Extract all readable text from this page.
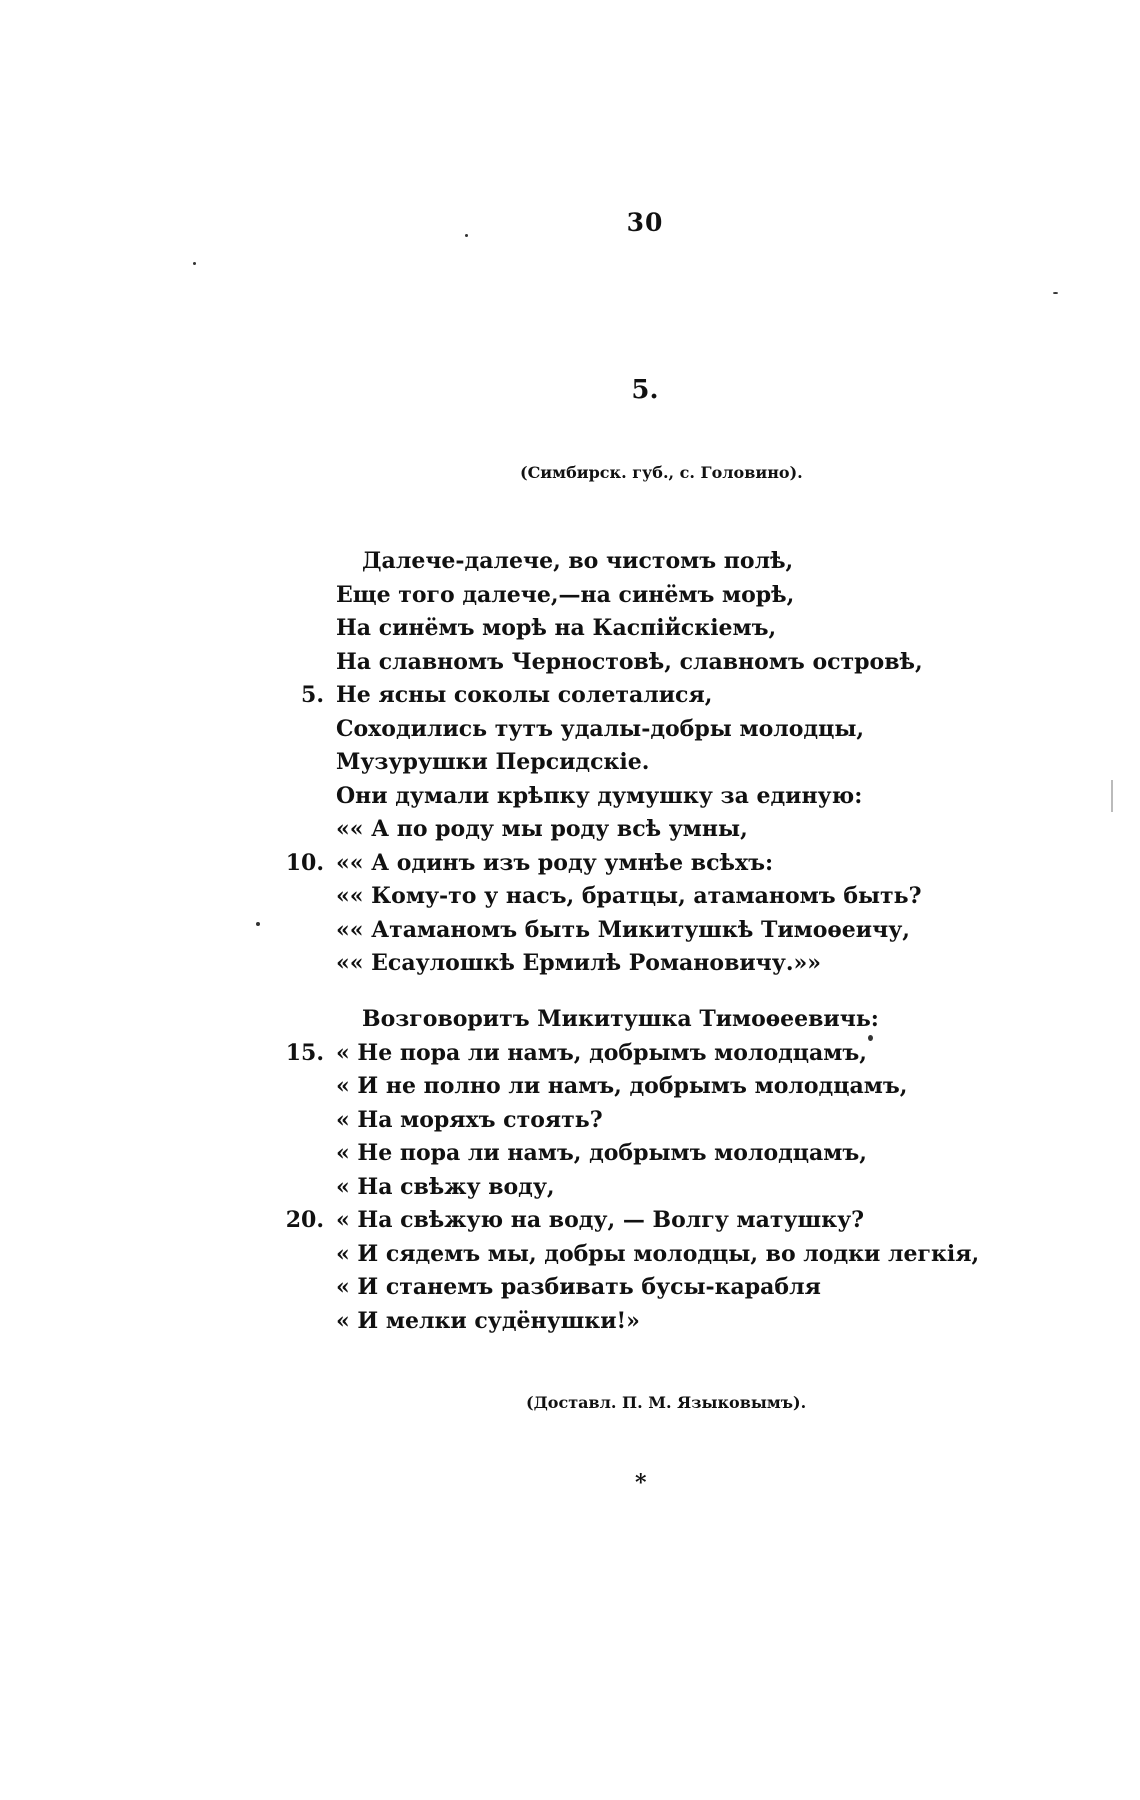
30
5.
(Симбирск. губ., с. Головино).
Далече-далече, во чистомъ полѣ,
Еще того далече,—на синёмъ морѣ,
На синёмъ морѣ на Каспійскіемъ,
На славномъ Черностовѣ, славномъ островѣ,
5. Не ясны соколы солеталися,
Соходились тутъ удалы-добры молодцы,
Музурушки Персидскіе.
Они думали крѣпку думушку за единую:
«« А по роду мы роду всѣ умны,
10. «« А одинъ изъ роду умнѣе всѣхъ:
«« Кому-то у насъ, братцы, атаманомъ быть?
«« Атаманомъ быть Микитушкѣ Тимоѳеичу,
«« Есаулошкѣ Ермилѣ Романовичу.»»
Возговоритъ Микитушка Тимоѳеевичь:
15. « Не пора ли намъ, добрымъ молодцамъ,
« И не полно ли намъ, добрымъ молодцамъ,
« На моряхъ стоять?
« Не пора ли намъ, добрымъ молодцамъ,
« На свѣжу воду,
20. « На свѣжую на воду, — Волгу матушку?
« И сядемъ мы, добры молодцы, во лодки легкія,
« И станемъ разбивать бусы-карабля
« И мелки судёнушки!»
(Доставл. П. М. Языковымъ).
*
